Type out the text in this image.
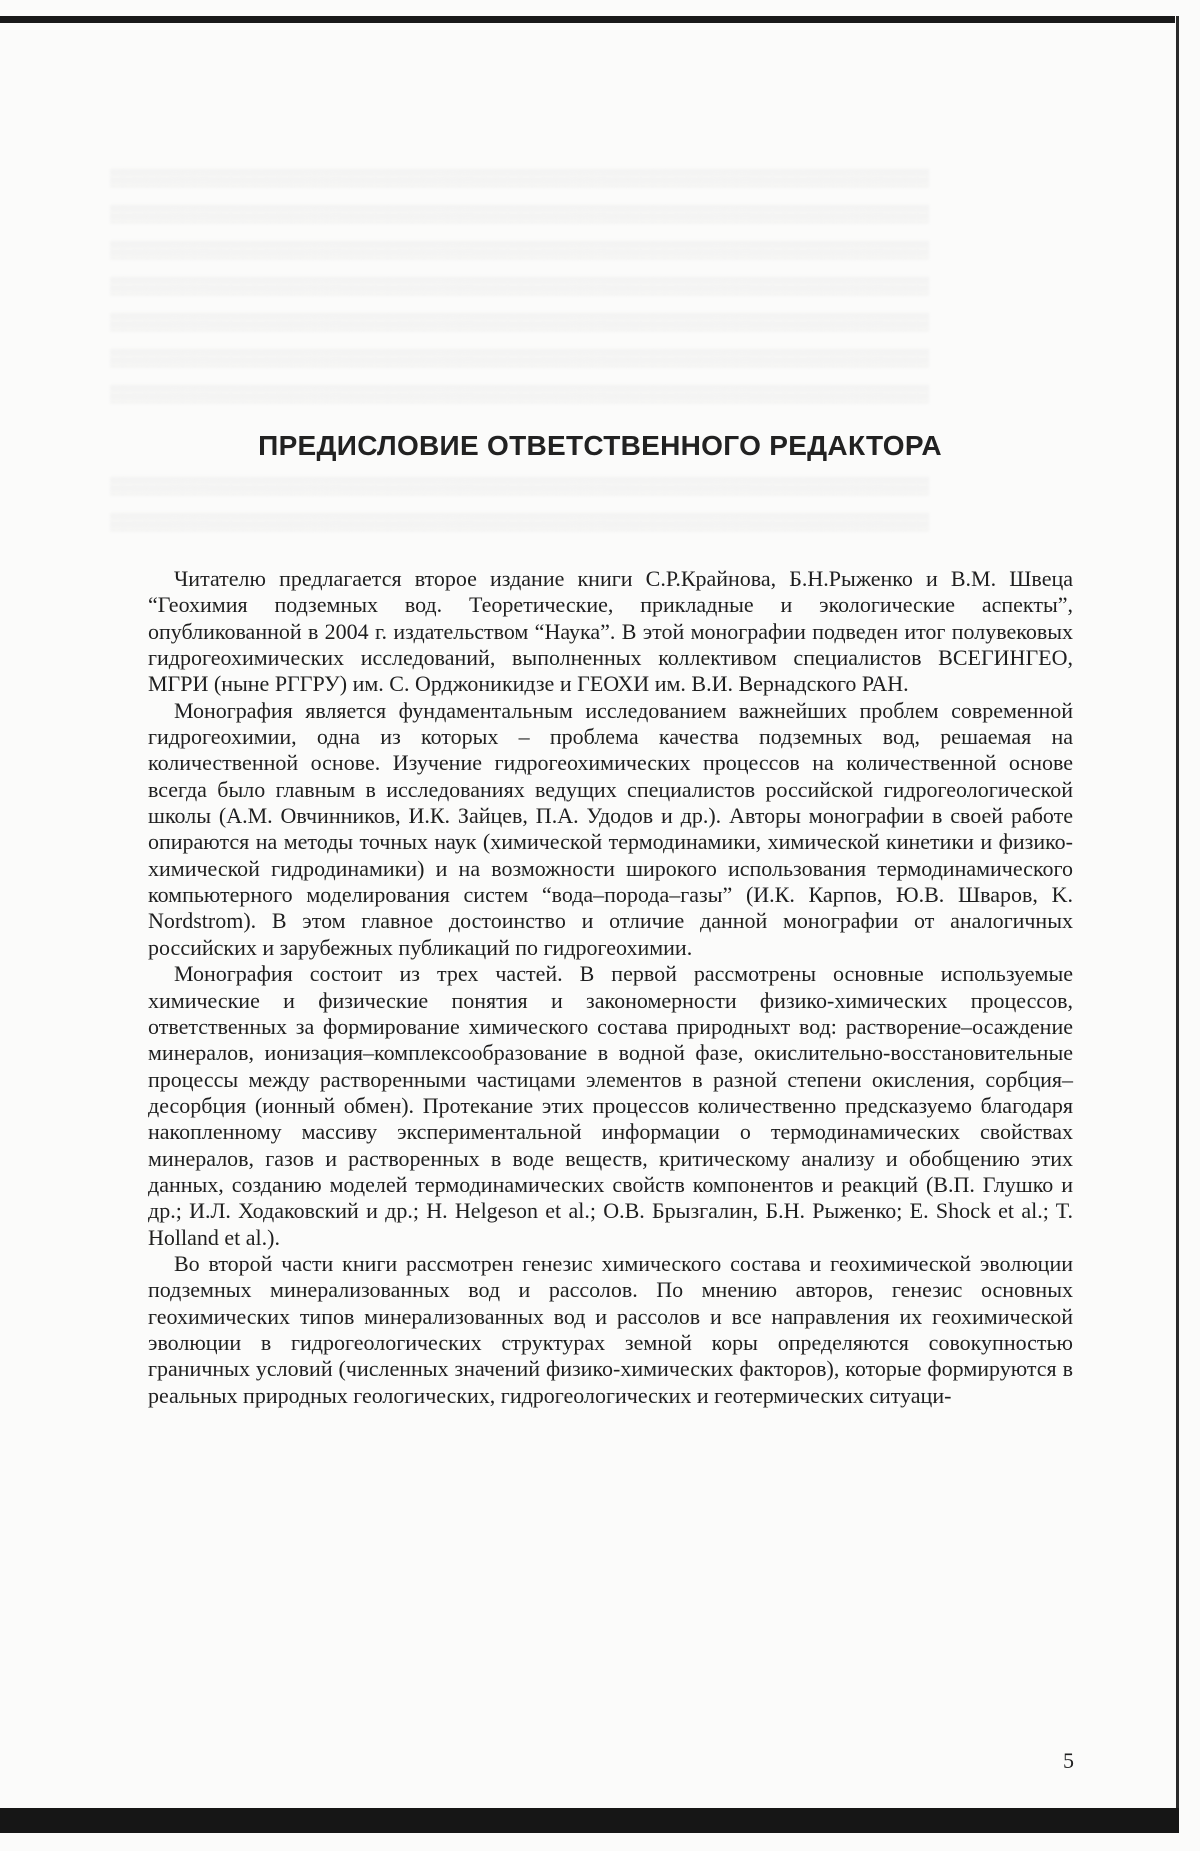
▒▒▒▒▒▒▒▒▒▒▒▒▒▒▒▒▒▒▒▒▒▒▒▒▒▒▒▒▒▒▒▒▒▒▒▒▒▒▒▒▒▒▒▒▒▒▒▒▒▒▒▒▒▒▒▒▒▒▒▒▒▒▒▒▒▒▒▒
▒▒▒▒▒▒▒▒▒▒▒▒▒▒▒▒▒▒▒▒▒▒▒▒▒▒▒▒▒▒▒▒▒▒▒▒▒▒▒▒▒▒▒▒▒▒▒▒▒▒▒▒▒▒▒▒▒▒▒▒▒▒▒▒▒▒▒▒
▒▒▒▒▒▒▒▒▒▒▒▒▒▒▒▒▒▒▒▒▒▒▒▒▒▒▒▒▒▒▒▒▒▒▒▒▒▒▒▒▒▒▒▒▒▒▒▒▒▒▒▒▒▒▒▒▒▒▒▒▒▒▒▒▒▒▒▒
▒▒▒▒▒▒▒▒▒▒▒▒▒▒▒▒▒▒▒▒▒▒▒▒▒▒▒▒▒▒▒▒▒▒▒▒▒▒▒▒▒▒▒▒▒▒▒▒▒▒▒▒▒▒▒▒▒▒▒▒▒▒▒▒▒▒▒▒
▒▒▒▒▒▒▒▒▒▒▒▒▒▒▒▒▒▒▒▒▒▒▒▒▒▒▒▒▒▒▒▒▒▒▒▒▒▒▒▒▒▒▒▒▒▒▒▒▒▒▒▒▒▒▒▒▒▒▒▒▒▒▒▒▒▒▒▒
▒▒▒▒▒▒▒▒▒▒▒▒▒▒▒▒▒▒▒▒▒▒▒▒▒▒▒▒▒▒▒▒▒▒▒▒▒▒▒▒▒▒▒▒▒▒▒▒▒▒▒▒▒▒▒▒▒▒▒▒▒▒▒▒▒▒▒▒
▒▒▒▒▒▒▒▒▒▒▒▒▒▒▒▒▒▒▒▒▒▒▒▒▒▒▒▒▒▒▒▒▒▒▒▒▒▒▒▒▒▒▒▒▒▒▒▒▒▒▒▒▒▒▒▒▒▒▒▒▒▒▒▒▒▒▒▒
▒▒▒▒▒▒▒▒▒▒▒▒▒▒▒▒▒▒▒▒▒▒▒▒▒▒▒▒▒▒▒▒▒▒▒▒▒▒▒▒▒▒▒▒▒▒▒▒▒▒▒▒▒▒▒▒▒▒▒▒▒▒▒▒▒▒▒▒
▒▒▒▒▒▒▒▒▒▒▒▒▒▒▒▒▒▒▒▒▒▒▒▒▒▒▒▒▒▒▒▒▒▒▒▒▒▒▒▒▒▒▒▒▒▒▒▒▒▒▒▒▒▒▒▒▒▒▒▒▒▒▒▒▒▒▒▒
ПРЕДИСЛОВИЕ ОТВЕТСТВЕННОГО РЕДАКТОРА

Читателю предлагается второе издание книги С.Р.Крайнова, Б.Н.Рыженко и В.М. Швеца “Геохимия подземных вод. Теоретические, прикладные и экологические аспекты”, опубликованной в 2004 г. издательством “Наука”. В этой монографии подведен итог полувековых гидрогеохимических исследований, выполненных коллективом специалистов ВСЕГИНГЕО, МГРИ (ныне РГГРУ) им. С. Орджоникидзе и ГЕОХИ им. В.И. Вернадского РАН.

Монография является фундаментальным исследованием важнейших проблем современной гидрогеохимии, одна из которых – проблема качества подземных вод, решаемая на количественной основе. Изучение гидрогеохимических процессов на количественной основе всегда было главным в исследованиях ведущих специалистов российской гидрогеологической школы (А.М. Овчинников, И.К. Зайцев, П.А. Удодов и др.). Авторы монографии в своей работе опираются на методы точных наук (химической термодинамики, химической кинетики и физико-химической гидродинамики) и на возможности широкого использования термодинамического компьютерного моделирования систем “вода–порода–газы” (И.К. Карпов, Ю.В. Шваров, K. Nordstrom). В этом главное достоинство и отличие данной монографии от аналогичных российских и зарубежных публикаций по гидрогеохимии.

Монография состоит из трех частей. В первой рассмотрены основные используемые химические и физические понятия и закономерности физико-химических процессов, ответственных за формирование химического состава природныхт вод: растворение–осаждение минералов, ионизация–комплексообразование в водной фазе, окислительно-восстановительные процессы между растворенными частицами элементов в разной степени окисления, сорбция–десорбция (ионный обмен). Протекание этих процессов количественно предсказуемо благодаря накопленному массиву экспериментальной информации о термодинамических свойствах минералов, газов и растворенных в воде веществ, критическому анализу и обобщению этих данных, созданию моделей термодинамических свойств компонентов и реакций (В.П. Глушко и др.; И.Л. Ходаковский и др.; H. Helgeson et al.; О.В. Брызгалин, Б.Н. Рыженко; E. Shock et al.; T. Holland et al.).

Во второй части книги рассмотрен генезис химического состава и геохимической эволюции подземных минерализованных вод и рассолов. По мнению авторов, генезис основных геохимических типов минерализованных вод и рассолов и все направления их геохимической эволюции в гидрогеологических структурах земной коры определяются совокупностью граничных условий (численных значений физико-химических факторов), которые формируются в реальных природных геологических, гидрогеологических и геотермических ситуаци-

5
